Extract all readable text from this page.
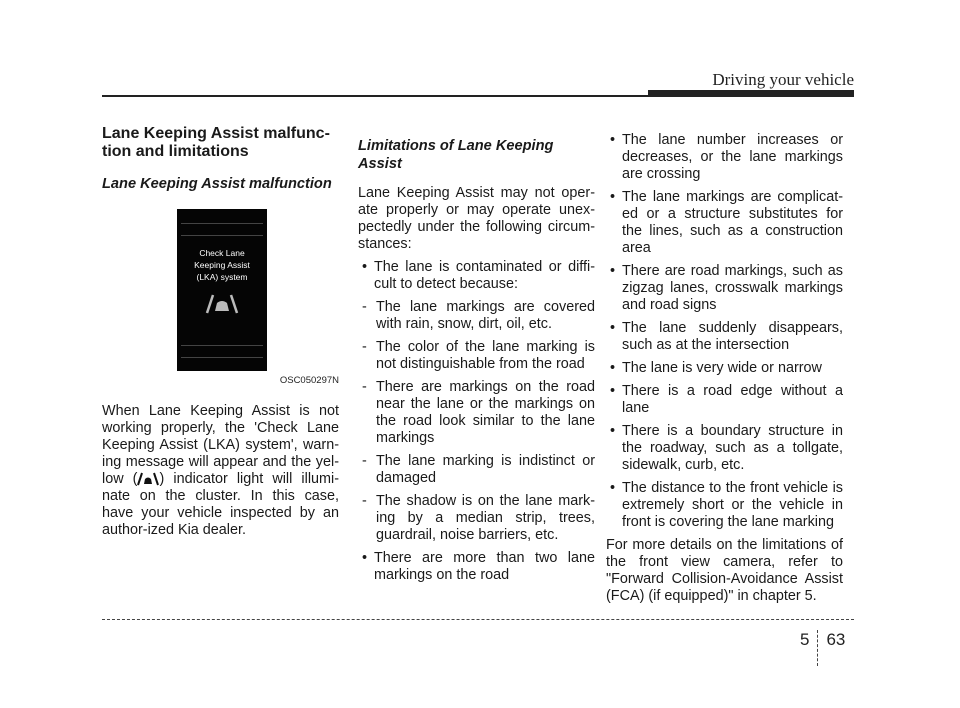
Driving your vehicle
Lane Keeping Assist malfunc-
tion and limitations
Lane Keeping Assist malfunction
Check Lane
Keeping Assist
(LKA) system
OSC050297N

When Lane Keeping Assist is not working properly, the 'Check Lane Keeping Assist (LKA) system', warn-ing message will appear and the yel-low ( ) indicator light will illumi-nate on the cluster. In this case, have your vehicle inspected by an author-ized Kia dealer.

Limitations of Lane Keeping Assist

Lane Keeping Assist may not oper-ate properly or may operate unex-pectedly under the following circum-stances:

• The lane is contaminated or diffi-cult to detect because:
- The lane markings are covered with rain, snow, dirt, oil, etc.
- The color of the lane marking is not distinguishable from the road
- There are markings on the road near the lane or the markings on the road look similar to the lane markings
- The lane marking is indistinct or damaged
- The shadow is on the lane mark-ing by a median strip, trees, guardrail, noise barriers, etc.
• There are more than two lane markings on the road
• The lane number increases or decreases, or the lane markings are crossing
• The lane markings are complicat-ed or a structure substitutes for the lines, such as a construction area
• There are road markings, such as zigzag lanes, crosswalk markings and road signs
• The lane suddenly disappears, such as at the intersection
• The lane is very wide or narrow
• There is a road edge without a lane
• There is a boundary structure in the roadway, such as a tollgate, sidewalk, curb, etc.
• The distance to the front vehicle is extremely short or the vehicle in front is covering the lane marking

For more details on the limitations of the front view camera, refer to "Forward Collision-Avoidance Assist (FCA) (if equipped)" in chapter 5.

5 63
